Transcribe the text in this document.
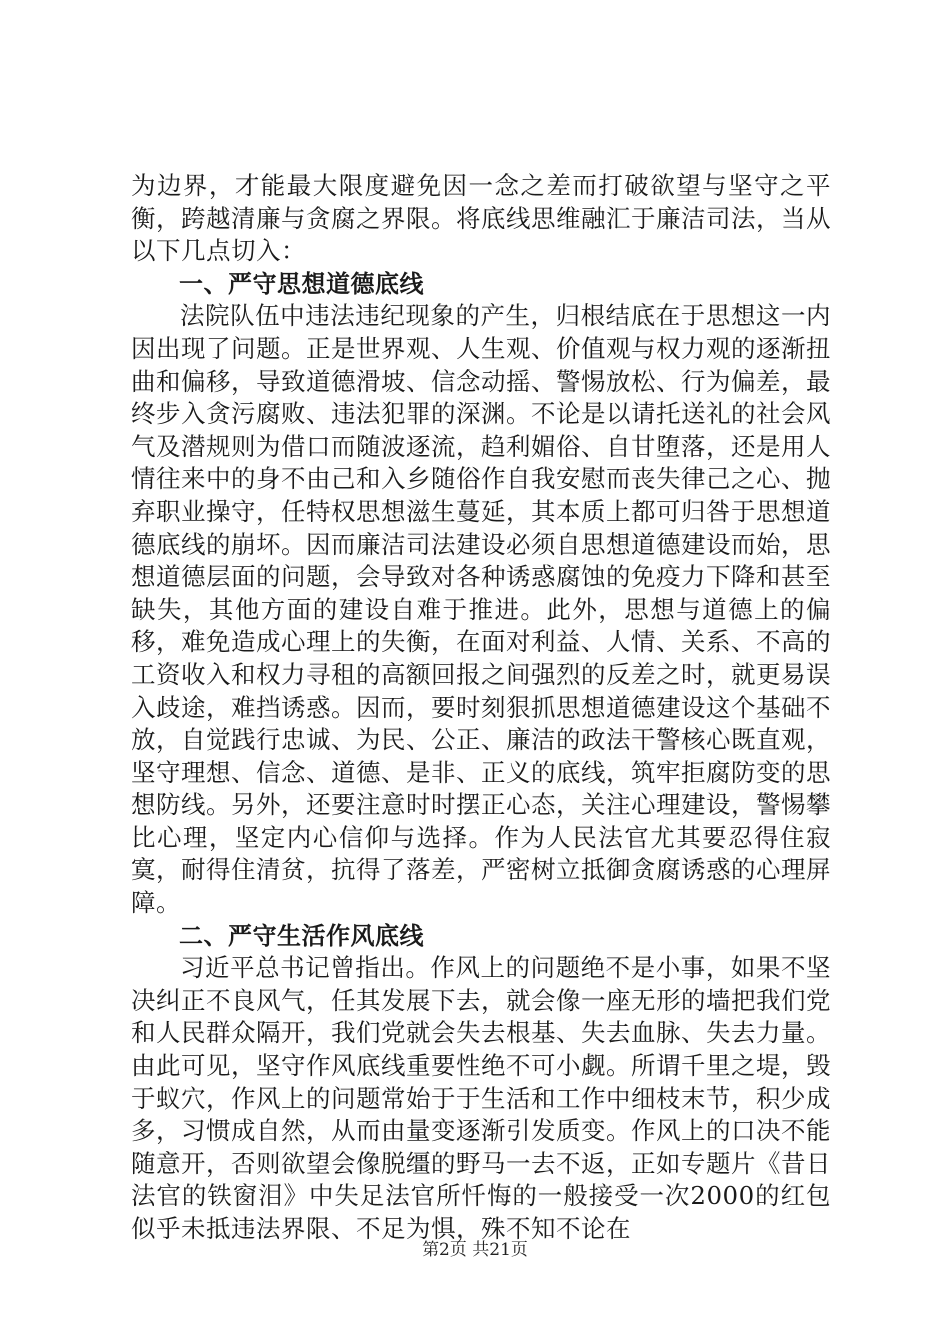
为边界，才能最大限度避免因一念之差而打破欲望与坚守之平衡，跨越清廉与贪腐之界限。将底线思维融汇于廉洁司法，当从以下几点切入：

一、严守思想道德底线

法院队伍中违法违纪现象的产生，归根结底在于思想这一内因出现了问题。正是世界观、人生观、价值观与权力观的逐渐扭曲和偏移，导致道德滑坡、信念动摇、警惕放松、行为偏差，最终步入贪污腐败、违法犯罪的深渊。不论是以请托送礼的社会风气及潜规则为借口而随波逐流，趋利媚俗、自甘堕落，还是用人情往来中的身不由己和入乡随俗作自我安慰而丧失律己之心、抛弃职业操守，任特权思想滋生蔓延，其本质上都可归咎于思想道德底线的崩坏。因而廉洁司法建设必须自思想道德建设而始，思想道德层面的问题，会导致对各种诱惑腐蚀的免疫力下降和甚至缺失，其他方面的建设自难于推进。此外，思想与道德上的偏移，难免造成心理上的失衡，在面对利益、人情、关系、不高的工资收入和权力寻租的高额回报之间强烈的反差之时，就更易误入歧途，难挡诱惑。因而，要时刻狠抓思想道德建设这个基础不放，自觉践行忠诚、为民、公正、廉洁的政法干警核心既直观，坚守理想、信念、道德、是非、正义的底线，筑牢拒腐防变的思想防线。另外，还要注意时时摆正心态，关注心理建设，警惕攀比心理，坚定内心信仰与选择。作为人民法官尤其要忍得住寂寞，耐得住清贫，抗得了落差，严密树立抵御贪腐诱惑的心理屏障。

二、严守生活作风底线

习近平总书记曾指出。作风上的问题绝不是小事，如果不坚决纠正不良风气，任其发展下去，就会像一座无形的墙把我们党和人民群众隔开，我们党就会失去根基、失去血脉、失去力量。由此可见，坚守作风底线重要性绝不可小觑。所谓千里之堤，毁于蚁穴，作风上的问题常始于于生活和工作中细枝末节，积少成多，习惯成自然，从而由量变逐渐引发质变。作风上的口决不能随意开，否则欲望会像脱缰的野马一去不返，正如专题片《昔日法官的铁窗泪》中失足法官所忏悔的一般接受一次2000的红包似乎未抵违法界限、不足为惧，殊不知不论在

第2页 共21页
